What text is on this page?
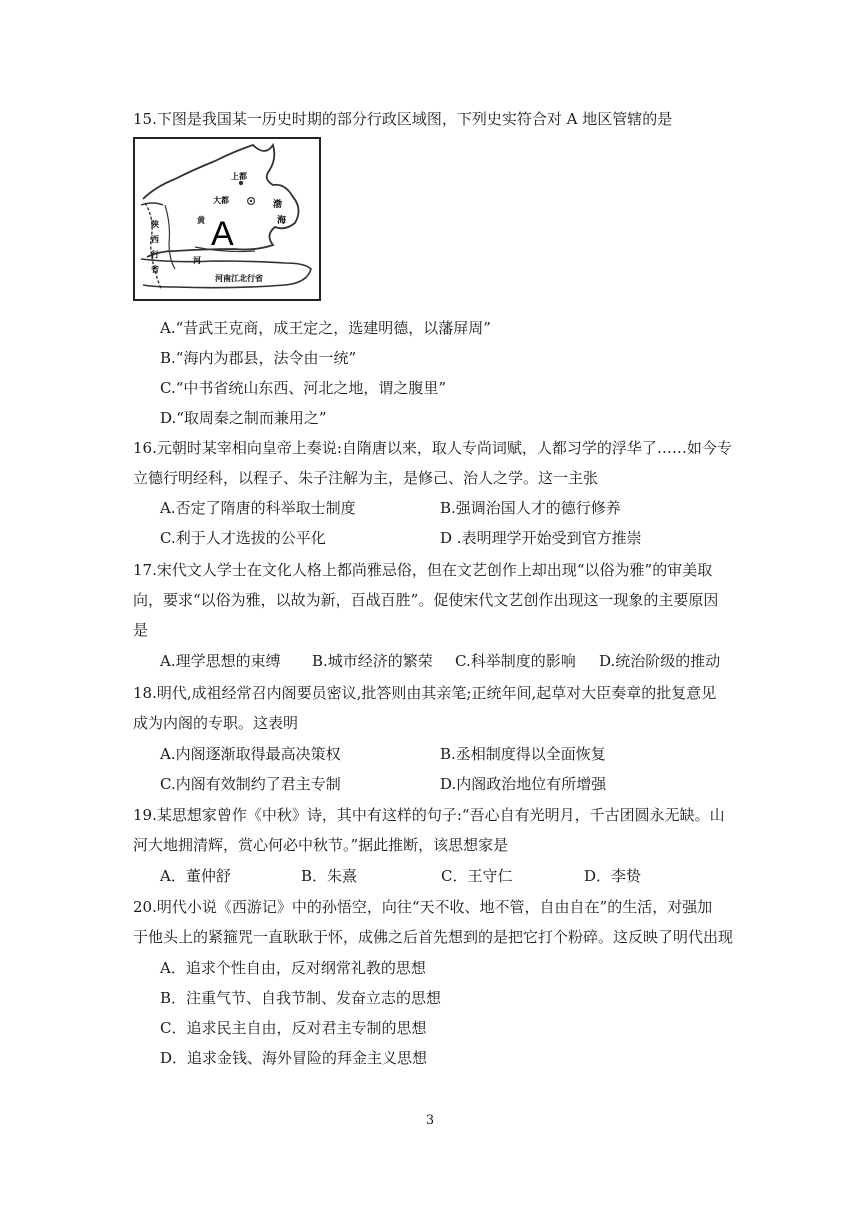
15.下图是我国某一历史时期的部分行政区域图，下列史实符合对 A 地区管辖的是
上都
大都
黄
渤
海
陕
西
行
省
河
河南江北行省
A
A.“昔武王克商，成王定之，选建明德，以藩屏周”
B.“海内为郡县，法令由一统”
C.“中书省统山东西、河北之地，谓之腹里”
D.“取周秦之制而兼用之”
16.元朝时某宰相向皇帝上奏说:自隋唐以来，取人专尚词赋，人都习学的浮华了……如今专
立德行明经科，以程子、朱子注解为主，是修己、治人之学。这一主张
A.否定了隋唐的科举取士制度	B.强调治国人才的德行修养
C.利于人才选拔的公平化	D .表明理学开始受到官方推崇
17.宋代文人学士在文化人格上都尚雅忌俗，但在文艺创作上却出现“以俗为雅”的审美取
向，要求“以俗为雅，以故为新，百战百胜”。促使宋代文艺创作出现这一现象的主要原因
是
A.理学思想的束缚 B.城市经济的繁荣 C.科举制度的影响 D.统治阶级的推动
18.明代,成祖经常召内阁要员密议,批答则由其亲笔;正统年间,起草对大臣奏章的批复意见
成为内阁的专职。这表明
A.内阁逐渐取得最高决策权	B.丞相制度得以全面恢复
C.内阁有效制约了君主专制	D.内阁政治地位有所增强
19.某思想家曾作《中秋》诗，其中有这样的句子:“吾心自有光明月，千古团圆永无缺。山
河大地拥清辉，赏心何必中秋节。”据此推断，该思想家是
A．董仲舒	B．朱熹	C．王守仁	D．李贽
20.明代小说《西游记》中的孙悟空，向往“天不收、地不管，自由自在”的生活，对强加
于他头上的紧箍咒一直耿耿于怀，成佛之后首先想到的是把它打个粉碎。这反映了明代出现
A．追求个性自由，反对纲常礼教的思想
B．注重气节、自我节制、发奋立志的思想
C．追求民主自由，反对君主专制的思想
D．追求金钱、海外冒险的拜金主义思想
3
